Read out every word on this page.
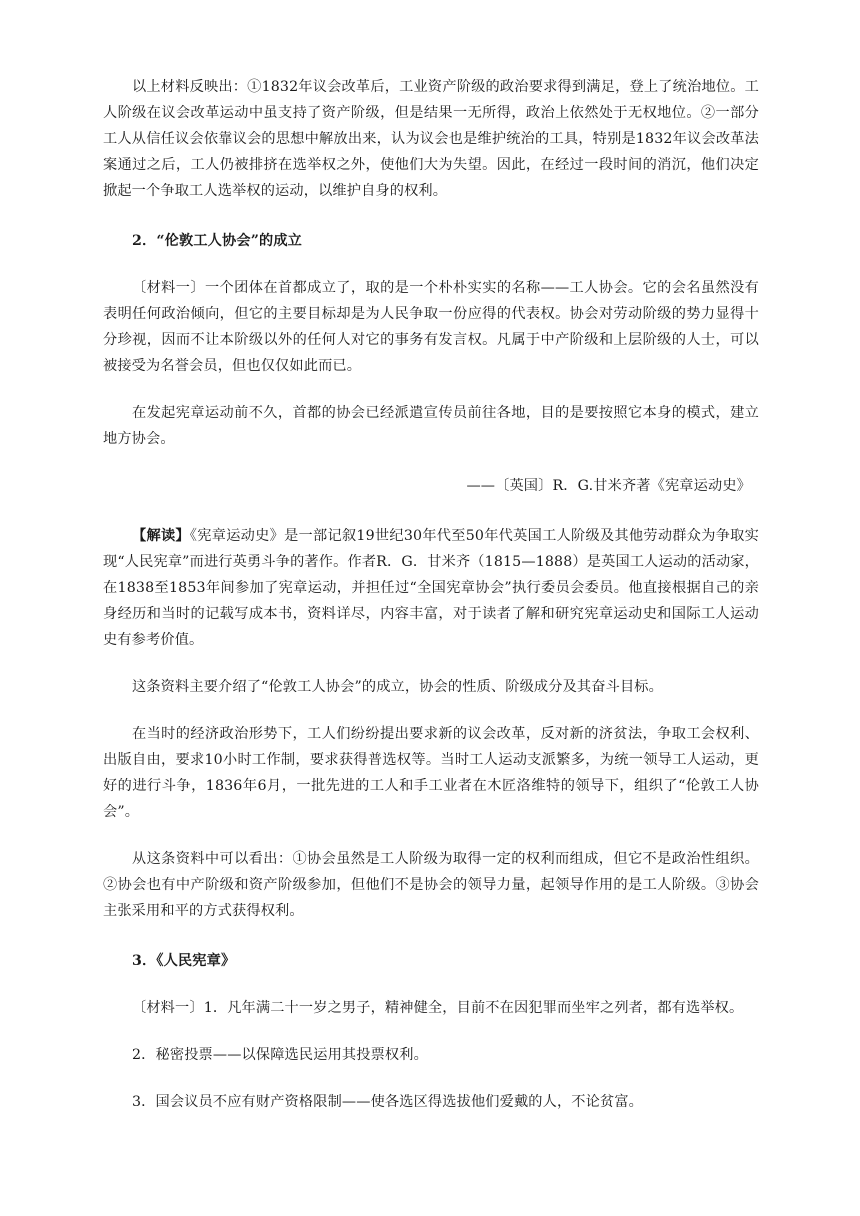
以上材料反映出：①1832年议会改革后，工业资产阶级的政治要求得到满足，登上了统治地位。工人阶级在议会改革运动中虽支持了资产阶级，但是结果一无所得，政治上依然处于无权地位。②一部分工人从信任议会依靠议会的思想中解放出来，认为议会也是维护统治的工具，特别是1832年议会改革法案通过之后，工人仍被排挤在选举权之外，使他们大为失望。因此，在经过一段时间的消沉，他们决定掀起一个争取工人选举权的运动，以维护自身的权利。

2．“伦敦工人协会”的成立

〔材料一〕一个团体在首都成立了，取的是一个朴朴实实的名称——工人协会。它的会名虽然没有表明任何政治倾向，但它的主要目标却是为人民争取一份应得的代表权。协会对劳动阶级的势力显得十分珍视，因而不让本阶级以外的任何人对它的事务有发言权。凡属于中产阶级和上层阶级的人士，可以被接受为名誉会员，但也仅仅如此而已。

在发起宪章运动前不久，首都的协会已经派遣宣传员前往各地，目的是要按照它本身的模式，建立地方协会。

——〔英国〕R．G.甘米齐著《宪章运动史》

【解读】《宪章运动史》是一部记叙19世纪30年代至50年代英国工人阶级及其他劳动群众为争取实现“人民宪章”而进行英勇斗争的著作。作者R．G．甘米齐（1815—1888）是英国工人运动的活动家，在1838至1853年间参加了宪章运动，并担任过“全国宪章协会”执行委员会委员。他直接根据自己的亲身经历和当时的记载写成本书，资料详尽，内容丰富，对于读者了解和研究宪章运动史和国际工人运动史有参考价值。

这条资料主要介绍了“伦敦工人协会”的成立，协会的性质、阶级成分及其奋斗目标。

在当时的经济政治形势下，工人们纷纷提出要求新的议会改革，反对新的济贫法，争取工会权利、出版自由，要求10小时工作制，要求获得普选权等。当时工人运动支派繁多，为统一领导工人运动，更好的进行斗争，1836年6月，一批先进的工人和手工业者在木匠洛维特的领导下，组织了“伦敦工人协会”。

从这条资料中可以看出：①协会虽然是工人阶级为取得一定的权利而组成，但它不是政治性组织。②协会也有中产阶级和资产阶级参加，但他们不是协会的领导力量，起领导作用的是工人阶级。③协会主张采用和平的方式获得权利。

3．《人民宪章》

〔材料一〕1．凡年满二十一岁之男子，精神健全，目前不在因犯罪而坐牢之列者，都有选举权。

2．秘密投票——以保障选民运用其投票权利。

3．国会议员不应有财产资格限制——使各选区得选拔他们爱戴的人，不论贫富。
